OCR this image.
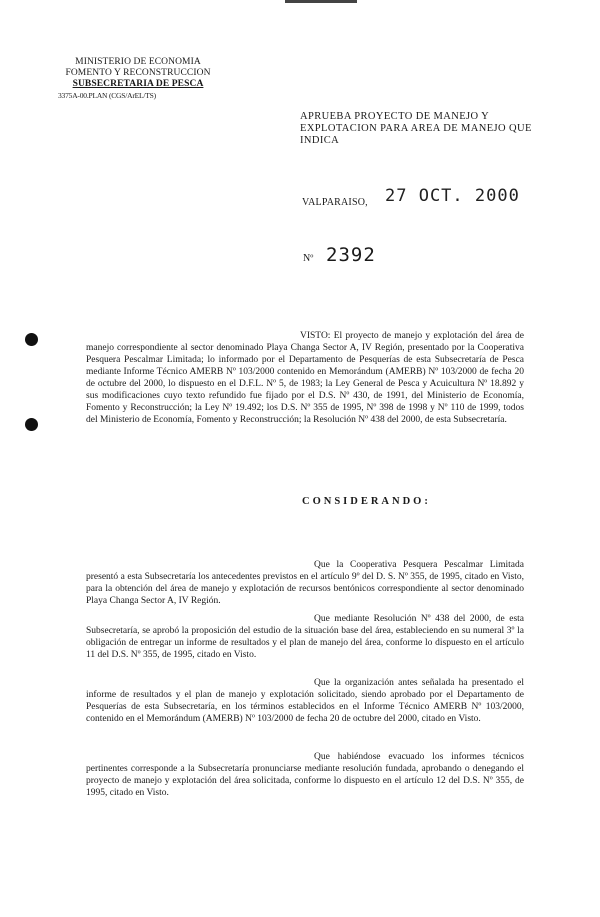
MINISTERIO DE ECONOMIA
FOMENTO Y RECONSTRUCCION
SUBSECRETARIA DE PESCA
3375A-00.PLAN (CGS/ArEL/TS)
APRUEBA PROYECTO DE MANEJO Y EXPLOTACION PARA AREA DE MANEJO QUE INDICA
VALPARAISO, 27 OCT. 2000
Nº 2392
VISTO: El proyecto de manejo y explotación del área de manejo correspondiente al sector denominado Playa Changa Sector A, IV Región, presentado por la Cooperativa Pesquera Pescalmar Limitada; lo informado por el Departamento de Pesquerías de esta Subsecretaría de Pesca mediante Informe Técnico AMERB Nº 103/2000 contenido en Memorándum (AMERB) Nº 103/2000 de fecha 20 de octubre del 2000, lo dispuesto en el D.F.L. Nº 5, de 1983; la Ley General de Pesca y Acuicultura Nº 18.892 y sus modificaciones cuyo texto refundido fue fijado por el D.S. Nº 430, de 1991, del Ministerio de Economía, Fomento y Reconstrucción; la Ley Nº 19.492; los D.S. Nº 355 de 1995, Nº 398 de 1998 y Nº 110 de 1999, todos del Ministerio de Economía, Fomento y Reconstrucción; la Resolución Nº 438 del 2000, de esta Subsecretaría.
CONSIDERANDO:
Que la Cooperativa Pesquera Pescalmar Limitada presentó a esta Subsecretaría los antecedentes previstos en el artículo 9º del D. S. Nº 355, de 1995, citado en Visto, para la obtención del área de manejo y explotación de recursos bentónicos correspondiente al sector denominado Playa Changa Sector A, IV Región.
Que mediante Resolución Nº 438 del 2000, de esta Subsecretaría, se aprobó la proposición del estudio de la situación base del área, estableciendo en su numeral 3º la obligación de entregar un informe de resultados y el plan de manejo del área, conforme lo dispuesto en el artículo 11 del D.S. Nº 355, de 1995, citado en Visto.
Que la organización antes señalada ha presentado el informe de resultados y el plan de manejo y explotación solicitado, siendo aprobado por el Departamento de Pesquerías de esta Subsecretaría, en los términos establecidos en el Informe Técnico AMERB Nº 103/2000, contenido en el Memorándum (AMERB) Nº 103/2000 de fecha 20 de octubre del 2000, citado en Visto.
Que habiéndose evacuado los informes técnicos pertinentes corresponde a la Subsecretaría pronunciarse mediante resolución fundada, aprobando o denegando el proyecto de manejo y explotación del área solicitada, conforme lo dispuesto en el artículo 12 del D.S. Nº 355, de 1995, citado en Visto.
